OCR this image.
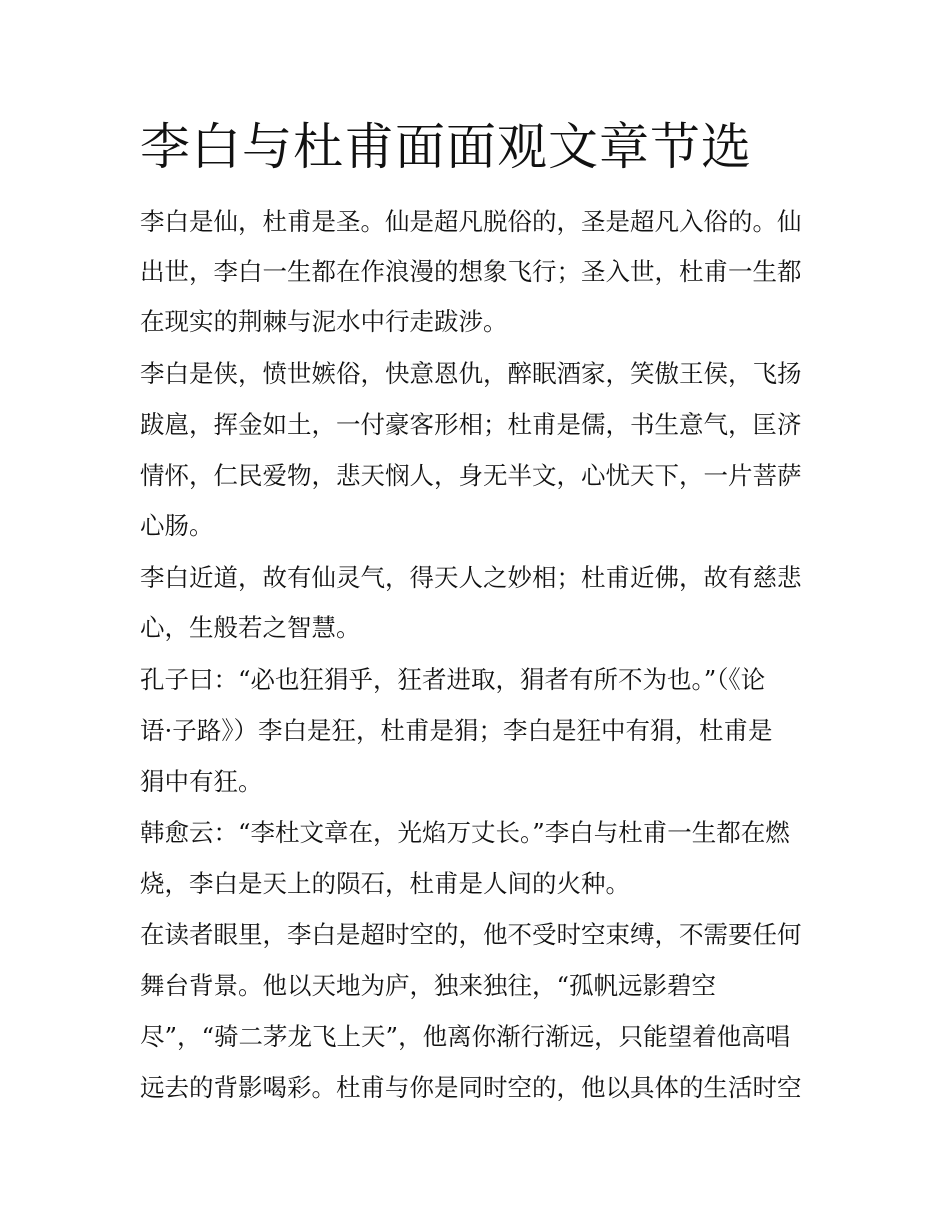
李白与杜甫面面观文章节选

李白是仙，杜甫是圣。仙是超凡脱俗的，圣是超凡入俗的。仙

出世，李白一生都在作浪漫的想象飞行；圣入世，杜甫一生都

在现实的荆棘与泥水中行走跋涉。

李白是侠，愤世嫉俗，快意恩仇，醉眠酒家，笑傲王侯，飞扬

跋扈，挥金如土，一付豪客形相；杜甫是儒，书生意气，匡济

情怀，仁民爱物，悲天悯人，身无半文，心忧天下，一片菩萨

心肠。

李白近道，故有仙灵气，得天人之妙相；杜甫近佛，故有慈悲

心，生般若之智慧。

孔子曰：“必也狂狷乎，狂者进取，狷者有所不为也。”（《论

语·子路》）李白是狂，杜甫是狷；李白是狂中有狷，杜甫是

狷中有狂。

韩愈云：“李杜文章在，光焰万丈长。”李白与杜甫一生都在燃

烧，李白是天上的陨石，杜甫是人间的火种。

在读者眼里，李白是超时空的，他不受时空束缚，不需要任何

舞台背景。他以天地为庐，独来独往，“孤帆远影碧空

尽”，“骑二茅龙飞上天”，他离你渐行渐远，只能望着他高唱

远去的背影喝彩。杜甫与你是同时空的，他以具体的生活时空
